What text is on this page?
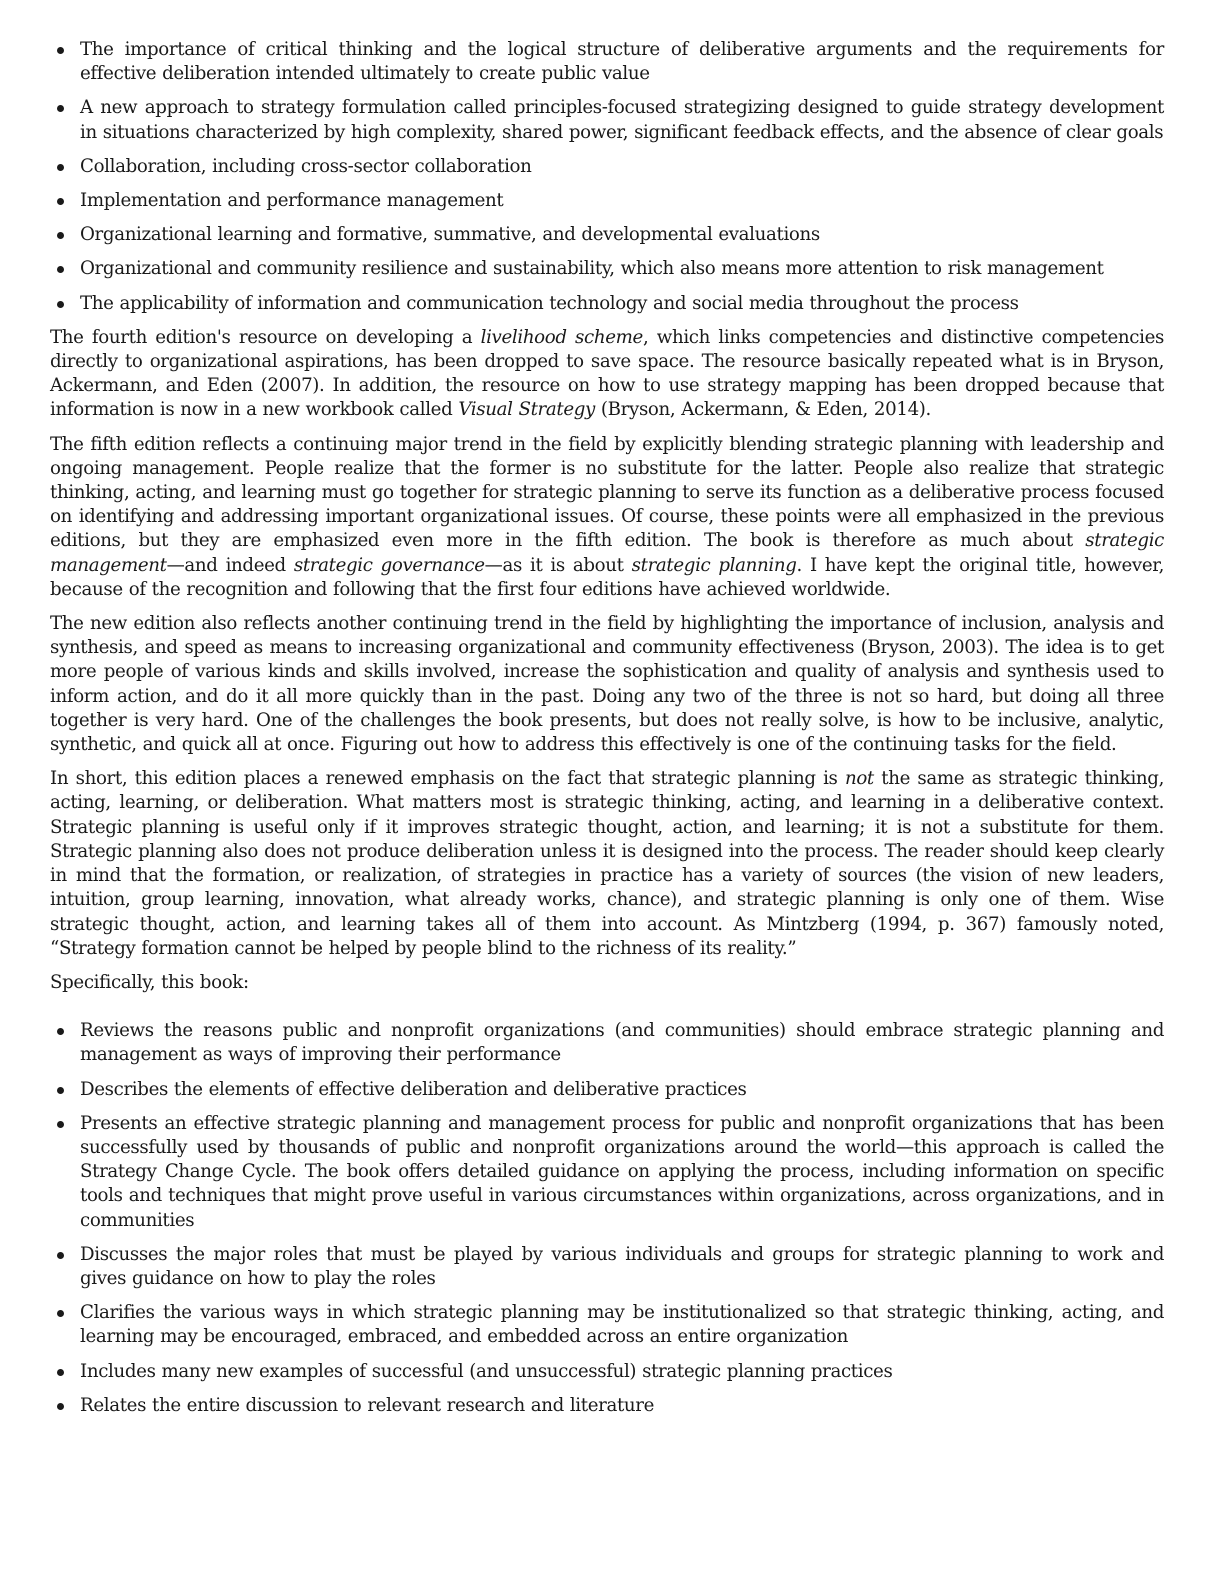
The importance of critical thinking and the logical structure of deliberative arguments and the requirements for effective deliberation intended ultimately to create public value
A new approach to strategy formulation called principles-focused strategizing designed to guide strategy development in situations characterized by high complexity, shared power, significant feedback effects, and the absence of clear goals
Collaboration, including cross-sector collaboration
Implementation and performance management
Organizational learning and formative, summative, and developmental evaluations
Organizational and community resilience and sustainability, which also means more attention to risk management
The applicability of information and communication technology and social media throughout the process

The fourth edition's resource on developing a livelihood scheme, which links competencies and distinctive competencies directly to organizational aspirations, has been dropped to save space. The resource basically repeated what is in Bryson, Ackermann, and Eden (2007). In addition, the resource on how to use strategy mapping has been dropped because that information is now in a new workbook called Visual Strategy (Bryson, Ackermann, & Eden, 2014).

The fifth edition reflects a continuing major trend in the field by explicitly blending strategic planning with leadership and ongoing management. People realize that the former is no substitute for the latter. People also realize that strategic thinking, acting, and learning must go together for strategic planning to serve its function as a deliberative process focused on identifying and addressing important organizational issues. Of course, these points were all emphasized in the previous editions, but they are emphasized even more in the fifth edition. The book is therefore as much about strategic management—and indeed strategic governance—as it is about strategic planning. I have kept the original title, however, because of the recognition and following that the first four editions have achieved worldwide.

The new edition also reflects another continuing trend in the field by highlighting the importance of inclusion, analysis and synthesis, and speed as means to increasing organizational and community effectiveness (Bryson, 2003). The idea is to get more people of various kinds and skills involved, increase the sophistication and quality of analysis and synthesis used to inform action, and do it all more quickly than in the past. Doing any two of the three is not so hard, but doing all three together is very hard. One of the challenges the book presents, but does not really solve, is how to be inclusive, analytic, synthetic, and quick all at once. Figuring out how to address this effectively is one of the continuing tasks for the field.

In short, this edition places a renewed emphasis on the fact that strategic planning is not the same as strategic thinking, acting, learning, or deliberation. What matters most is strategic thinking, acting, and learning in a deliberative context. Strategic planning is useful only if it improves strategic thought, action, and learning; it is not a substitute for them. Strategic planning also does not produce deliberation unless it is designed into the process. The reader should keep clearly in mind that the formation, or realization, of strategies in practice has a variety of sources (the vision of new leaders, intuition, group learning, innovation, what already works, chance), and strategic planning is only one of them. Wise strategic thought, action, and learning takes all of them into account. As Mintzberg (1994, p. 367) famously noted, “Strategy formation cannot be helped by people blind to the richness of its reality.”

Specifically, this book:

Reviews the reasons public and nonprofit organizations (and communities) should embrace strategic planning and management as ways of improving their performance
Describes the elements of effective deliberation and deliberative practices
Presents an effective strategic planning and management process for public and nonprofit organizations that has been successfully used by thousands of public and nonprofit organizations around the world—this approach is called the Strategy Change Cycle. The book offers detailed guidance on applying the process, including information on specific tools and techniques that might prove useful in various circumstances within organizations, across organizations, and in communities
Discusses the major roles that must be played by various individuals and groups for strategic planning to work and gives guidance on how to play the roles
Clarifies the various ways in which strategic planning may be institutionalized so that strategic thinking, acting, and learning may be encouraged, embraced, and embedded across an entire organization
Includes many new examples of successful (and unsuccessful) strategic planning practices
Relates the entire discussion to relevant research and literature
